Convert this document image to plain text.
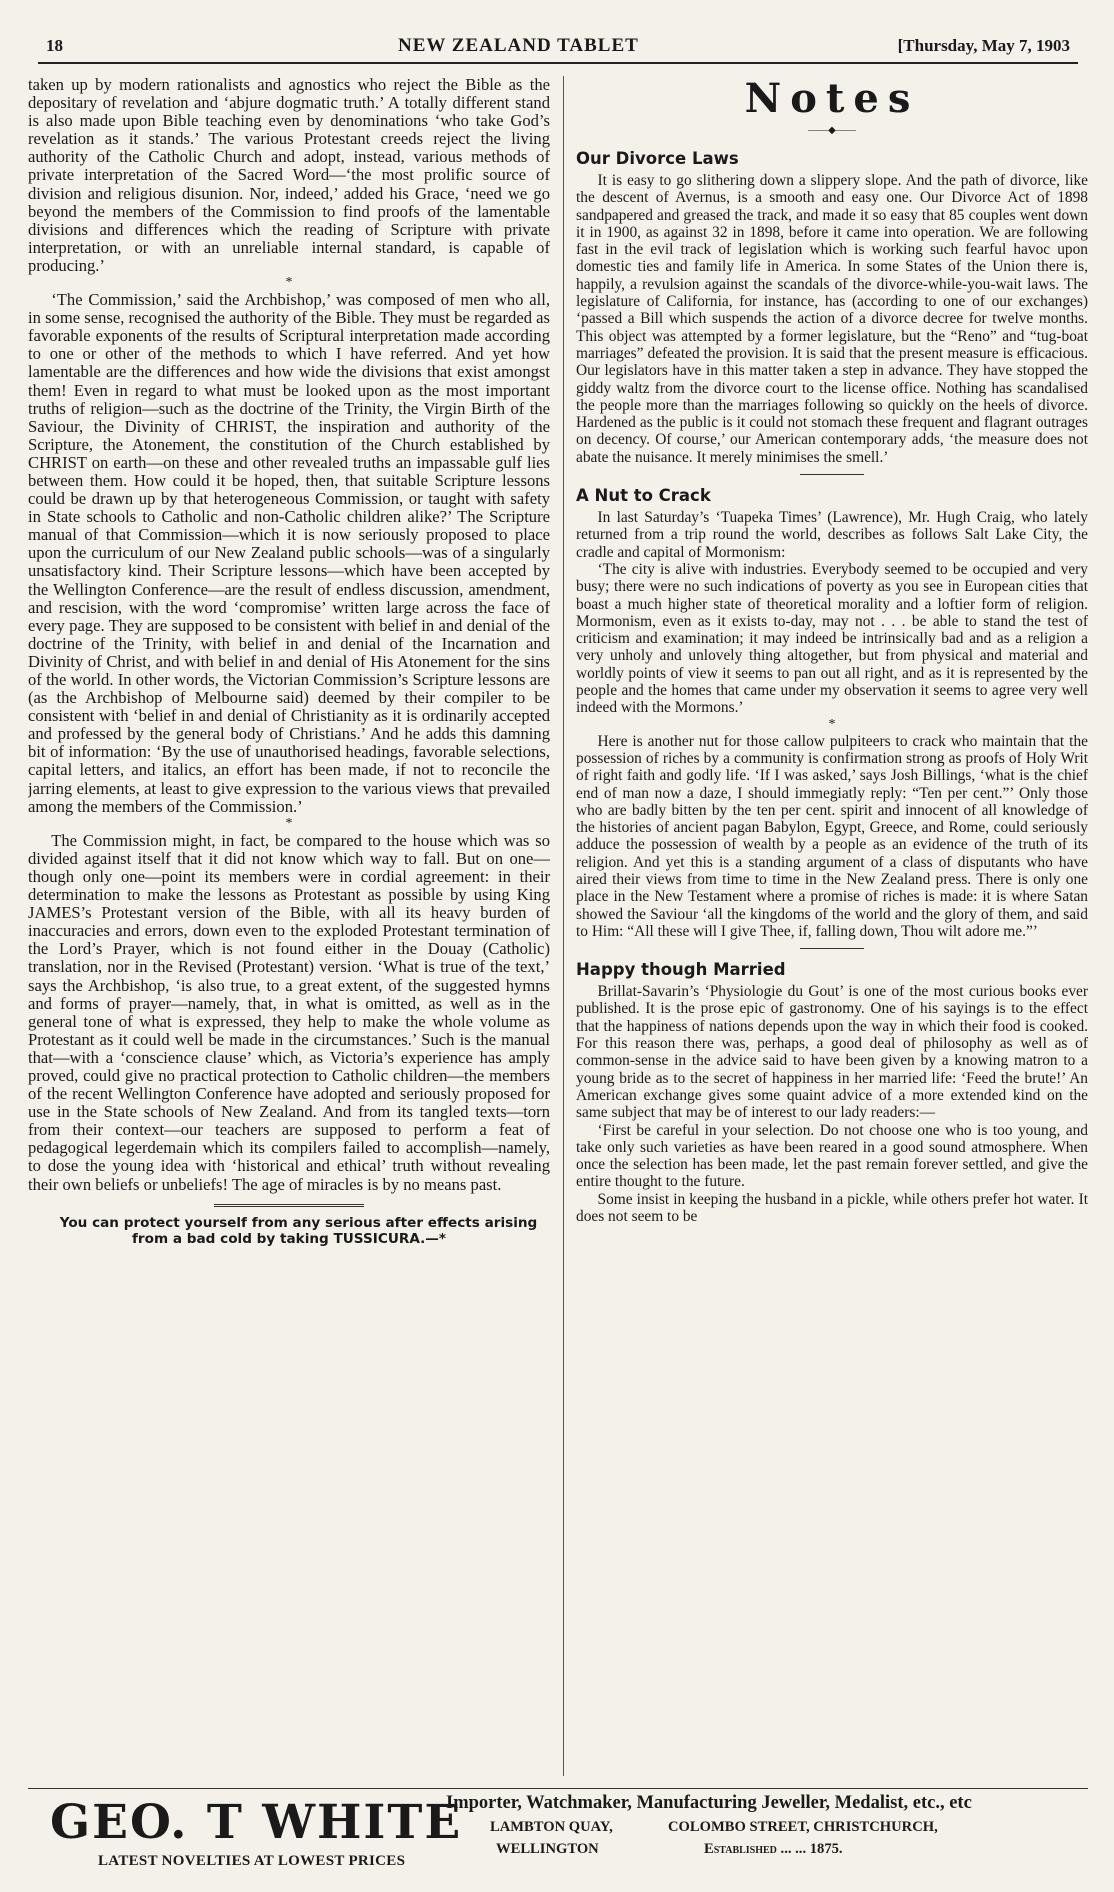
18	NEW ZEALAND TABLET	[Thursday, May 7, 1903

taken up by modern rationalists and agnostics who reject the Bible as the depositary of revelation and ‘abjure dogmatic truth.’ A totally different stand is also made upon Bible teaching even by denominations ‘who take God’s revelation as it stands.’ The various Protestant creeds reject the living authority of the Catholic Church and adopt, instead, various methods of private interpretation of the Sacred Word—‘the most prolific source of division and religious disunion. Nor, indeed,’ added his Grace, ‘need we go beyond the members of the Commission to find proofs of the lamentable divisions and differences which the reading of Scripture with private interpretation, or with an unreliable internal standard, is capable of producing.’

*

‘The Commission,’ said the Archbishop,’ was composed of men who all, in some sense, recognised the authority of the Bible. They must be regarded as favorable exponents of the results of Scriptural interpretation made according to one or other of the methods to which I have referred. And yet how lamentable are the differences and how wide the divisions that exist amongst them! Even in regard to what must be looked upon as the most important truths of religion—such as the doctrine of the Trinity, the Virgin Birth of the Saviour, the Divinity of CHRIST, the inspiration and authority of the Scripture, the Atonement, the constitution of the Church established by CHRIST on earth—on these and other revealed truths an impassable gulf lies between them. How could it be hoped, then, that suitable Scripture lessons could be drawn up by that heterogeneous Commission, or taught with safety in State schools to Catholic and non-Catholic children alike?’ The Scripture manual of that Commission—which it is now seriously proposed to place upon the curriculum of our New Zealand public schools—was of a singularly unsatisfactory kind. Their Scripture lessons—which have been accepted by the Wellington Conference—are the result of endless discussion, amendment, and rescision, with the word ‘compromise’ written large across the face of every page. They are supposed to be consistent with belief in and denial of the doctrine of the Trinity, with belief in and denial of the Incarnation and Divinity of Christ, and with belief in and denial of His Atonement for the sins of the world. In other words, the Victorian Commission’s Scripture lessons are (as the Archbishop of Melbourne said) deemed by their compiler to be consistent with ‘belief in and denial of Christianity as it is ordinarily accepted and professed by the general body of Christians.’ And he adds this damning bit of information: ‘By the use of unauthorised headings, favorable selections, capital letters, and italics, an effort has been made, if not to reconcile the jarring elements, at least to give expression to the various views that prevailed among the members of the Commission.’

*

The Commission might, in fact, be compared to the house which was so divided against itself that it did not know which way to fall. But on one—though only one—point its members were in cordial agreement: in their determination to make the lessons as Protestant as possible by using King JAMES’s Protestant version of the Bible, with all its heavy burden of inaccuracies and errors, down even to the exploded Protestant termination of the Lord’s Prayer, which is not found either in the Douay (Catholic) translation, nor in the Revised (Protestant) version. ‘What is true of the text,’ says the Archbishop, ‘is also true, to a great extent, of the suggested hymns and forms of prayer—namely, that, in what is omitted, as well as in the general tone of what is expressed, they help to make the whole volume as Protestant as it could well be made in the circumstances.’ Such is the manual that—with a ‘conscience clause’ which, as Victoria’s experience has amply proved, could give no practical protection to Catholic children—the members of the recent Wellington Conference have adopted and seriously proposed for use in the State schools of New Zealand. And from its tangled texts—torn from their context—our teachers are supposed to perform a feat of pedagogical legerdemain which its compilers failed to accomplish—namely, to dose the young idea with ‘historical and ethical’ truth without revealing their own beliefs or unbeliefs! The age of miracles is by no means past.

You can protect yourself from any serious after effects arising from a bad cold by taking TUSSICURA.—*

Notes
——◆——
Our Divorce Laws

It is easy to go slithering down a slippery slope. And the path of divorce, like the descent of Avernus, is a smooth and easy one. Our Divorce Act of 1898 sandpapered and greased the track, and made it so easy that 85 couples went down it in 1900, as against 32 in 1898, before it came into operation. We are following fast in the evil track of legislation which is working such fearful havoc upon domestic ties and family life in America. In some States of the Union there is, happily, a revulsion against the scandals of the divorce-while-you-wait laws. The legislature of California, for instance, has (according to one of our exchanges) ‘passed a Bill which suspends the action of a divorce decree for twelve months. This object was attempted by a former legislature, but the “Reno” and “tug-boat marriages” defeated the provision. It is said that the present measure is efficacious. Our legislators have in this matter taken a step in advance. They have stopped the giddy waltz from the divorce court to the license office. Nothing has scandalised the people more than the marriages following so quickly on the heels of divorce. Hardened as the public is it could not stomach these frequent and flagrant outrages on decency. Of course,’ our American contemporary adds, ‘the measure does not abate the nuisance. It merely minimises the smell.’

A Nut to Crack

In last Saturday’s ‘Tuapeka Times’ (Lawrence), Mr. Hugh Craig, who lately returned from a trip round the world, describes as follows Salt Lake City, the cradle and capital of Mormonism:

‘The city is alive with industries. Everybody seemed to be occupied and very busy; there were no such indications of poverty as you see in European cities that boast a much higher state of theoretical morality and a loftier form of religion. Mormonism, even as it exists to-day, may not . . . be able to stand the test of criticism and examination; it may indeed be intrinsically bad and as a religion a very unholy and unlovely thing altogether, but from physical and material and worldly points of view it seems to pan out all right, and as it is represented by the people and the homes that came under my observation it seems to agree very well indeed with the Mormons.’

*

Here is another nut for those callow pulpiteers to crack who maintain that the possession of riches by a community is confirmation strong as proofs of Holy Writ of right faith and godly life. ‘If I was asked,’ says Josh Billings, ‘what is the chief end of man now a daze, I should immegiatly reply: “Ten per cent.”’ Only those who are badly bitten by the ten per cent. spirit and innocent of all knowledge of the histories of ancient pagan Babylon, Egypt, Greece, and Rome, could seriously adduce the possession of wealth by a people as an evidence of the truth of its religion. And yet this is a standing argument of a class of disputants who have aired their views from time to time in the New Zealand press. There is only one place in the New Testament where a promise of riches is made: it is where Satan showed the Saviour ‘all the kingdoms of the world and the glory of them, and said to Him: “All these will I give Thee, if, falling down, Thou wilt adore me.”’

Happy though Married

Brillat-Savarin’s ‘Physiologie du Gout’ is one of the most curious books ever published. It is the prose epic of gastronomy. One of his sayings is to the effect that the happiness of nations depends upon the way in which their food is cooked. For this reason there was, perhaps, a good deal of philosophy as well as of common-sense in the advice said to have been given by a knowing matron to a young bride as to the secret of happiness in her married life: ‘Feed the brute!’ An American exchange gives some quaint advice of a more extended kind on the same subject that may be of interest to our lady readers:—

‘First be careful in your selection. Do not choose one who is too young, and take only such varieties as have been reared in a good sound atmosphere. When once the selection has been made, let the past remain forever settled, and give the entire thought to the future.

Some insist in keeping the husband in a pickle, while others prefer hot water. It does not seem to be

GEO. T WHITE
LATEST NOVELTIES AT LOWEST PRICES
Importer, Watchmaker, Manufacturing Jeweller, Medalist, etc., etc
LAMBTON QUAY,	COLOMBO STREET, CHRISTCHURCH,
WELLINGTON	Established ... ... 1875.
